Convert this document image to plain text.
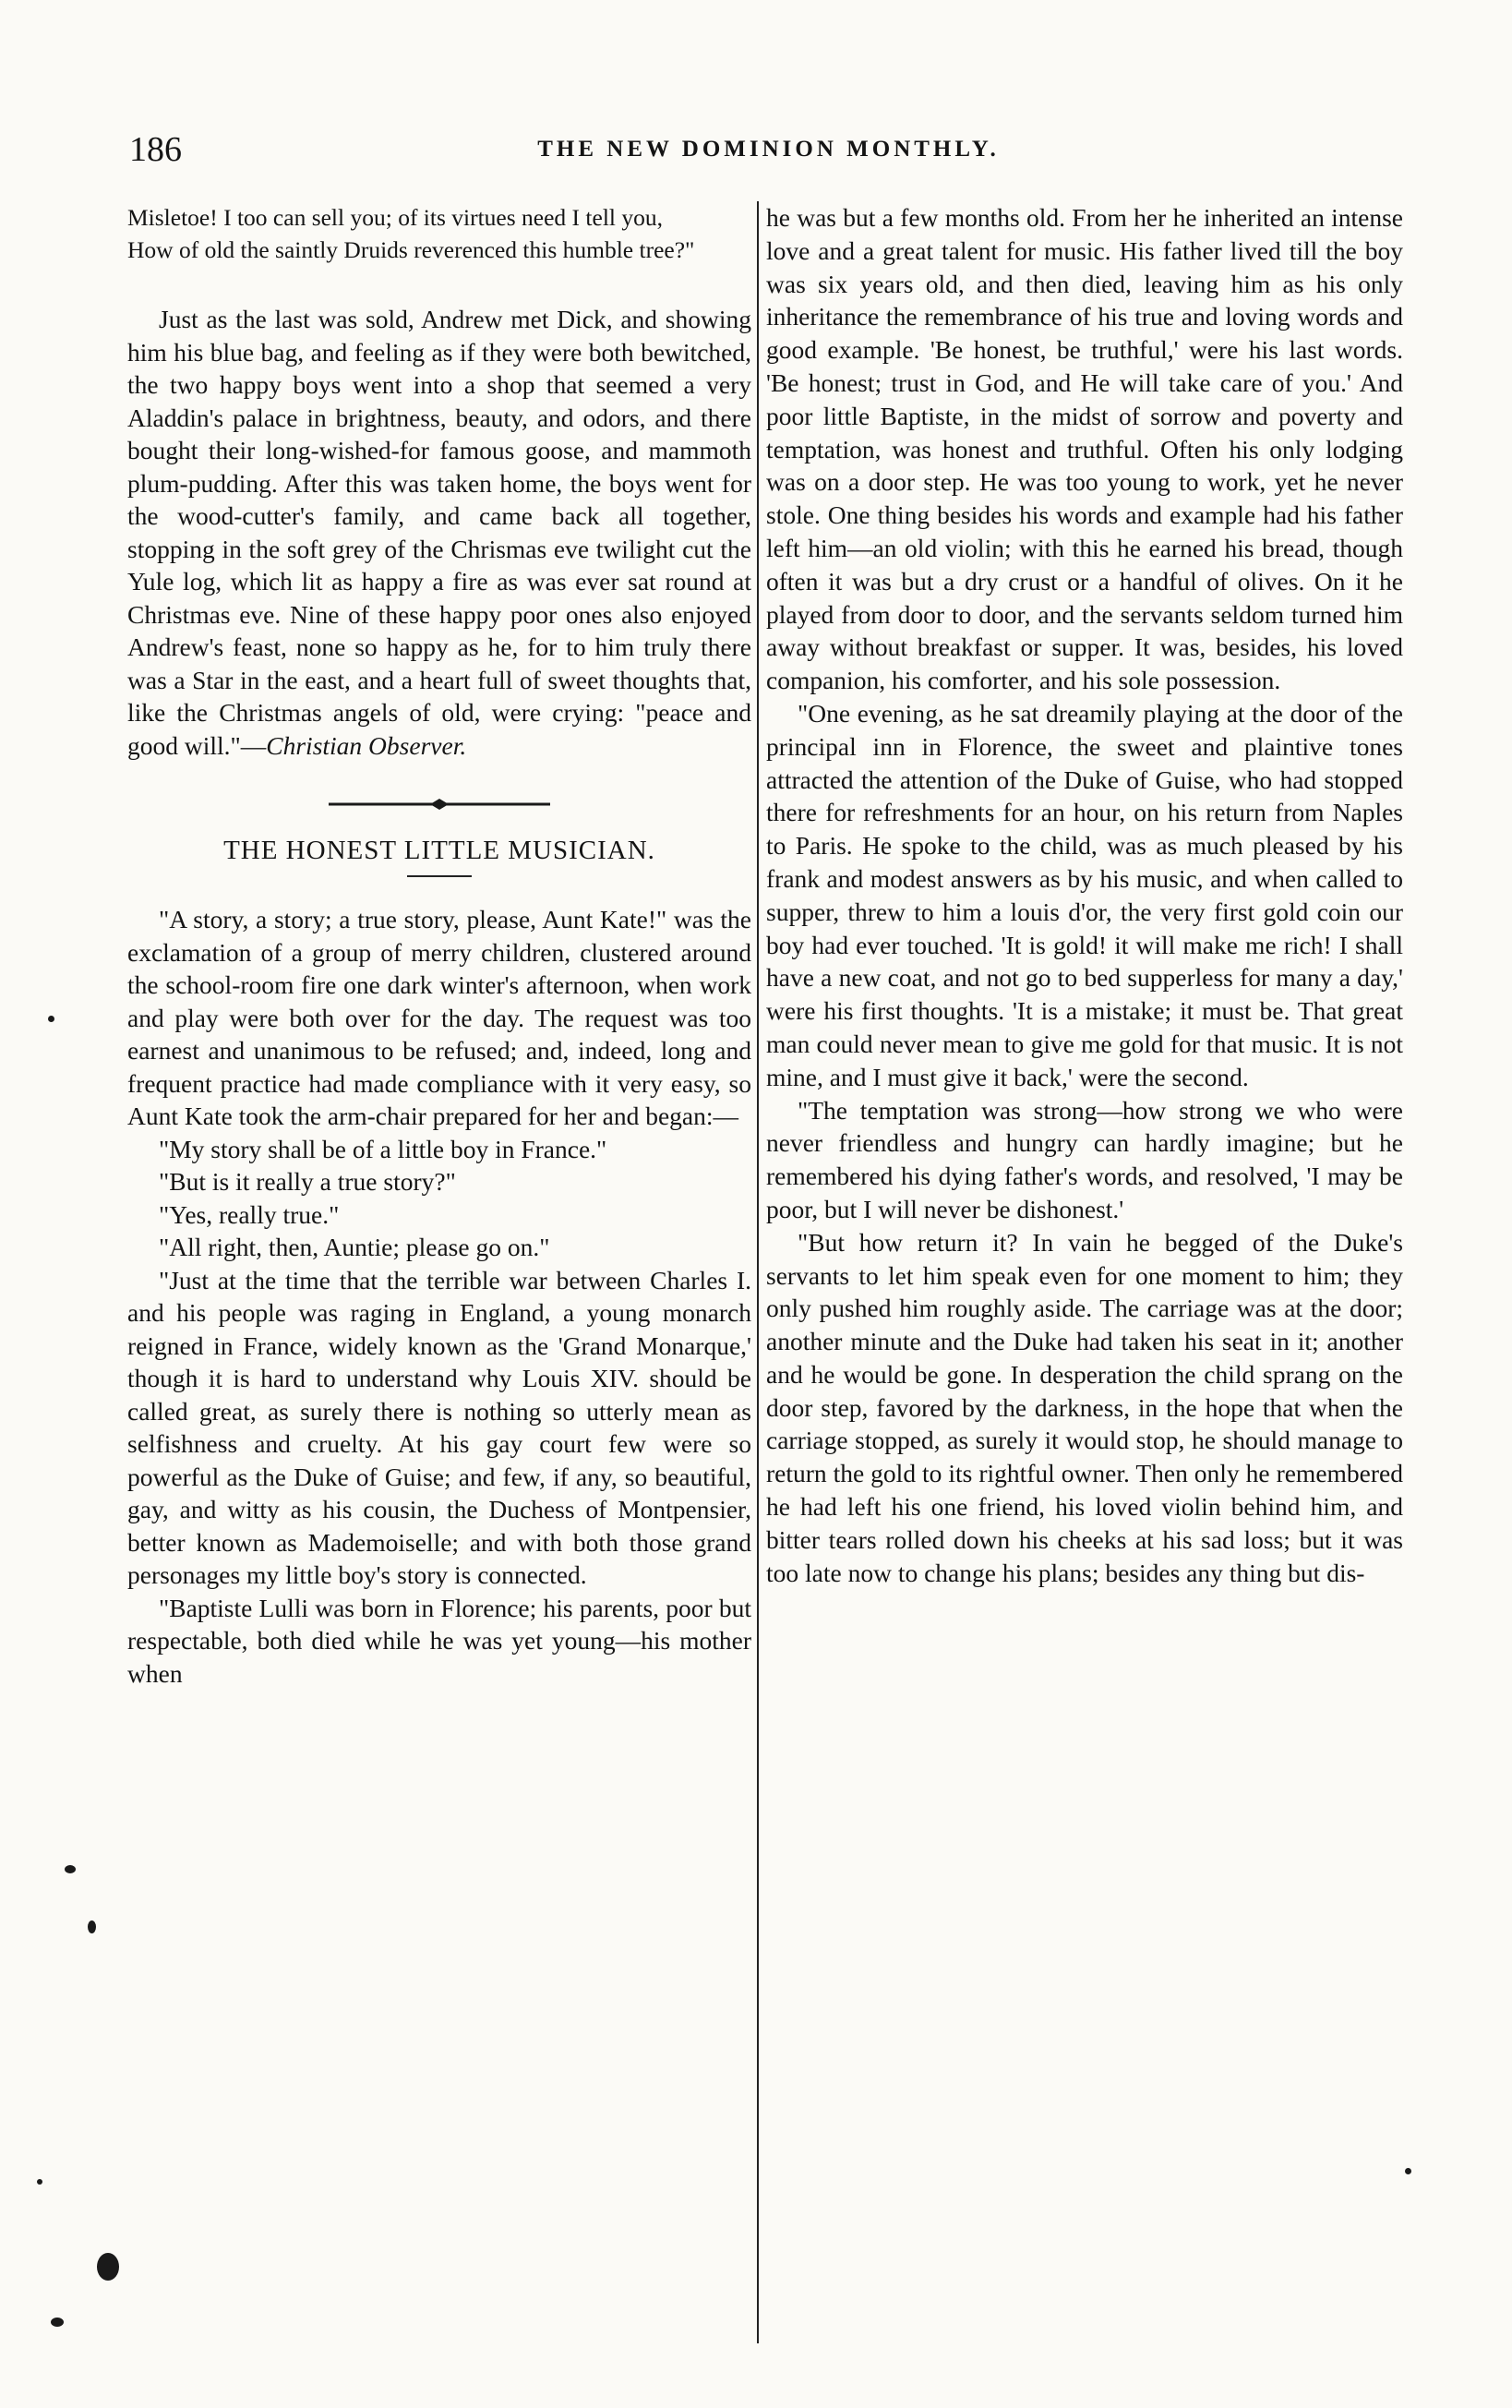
186	THE NEW DOMINION MONTHLY.
Misletoe! I too can sell you; of its virtues need I tell you,
How of old the saintly Druids reverenced this humble tree?"

Just as the last was sold, Andrew met Dick, and showing him his blue bag, and feeling as if they were both bewitched, the two happy boys went into a shop that seemed a very Aladdin's palace in brightness, beauty, and odors, and there bought their long-wished-for famous goose, and mammoth plum-pudding. After this was taken home, the boys went for the wood-cutter's family, and came back all together, stopping in the soft grey of the Chrismas eve twilight cut the Yule log, which lit as happy a fire as was ever sat round at Christmas eve. Nine of these happy poor ones also enjoyed Andrew's feast, none so happy as he, for to him truly there was a Star in the east, and a heart full of sweet thoughts that, like the Christmas angels of old, were crying: "peace and good will."—Christian Observer.

THE HONEST LITTLE MUSICIAN.

"A story, a story; a true story, please, Aunt Kate!" was the exclamation of a group of merry children, clustered around the school-room fire one dark winter's afternoon, when work and play were both over for the day. The request was too earnest and unanimous to be refused; and, indeed, long and frequent practice had made compliance with it very easy, so Aunt Kate took the arm-chair prepared for her and began:—

"My story shall be of a little boy in France."

"But is it really a true story?"

"Yes, really true."

"All right, then, Auntie; please go on."

"Just at the time that the terrible war between Charles I. and his people was raging in England, a young monarch reigned in France, widely known as the 'Grand Monarque,' though it is hard to understand why Louis XIV. should be called great, as surely there is nothing so utterly mean as selfishness and cruelty. At his gay court few were so powerful as the Duke of Guise; and few, if any, so beautiful, gay, and witty as his cousin, the Duchess of Montpensier, better known as Mademoiselle; and with both those grand personages my little boy's story is connected.

"Baptiste Lulli was born in Florence; his parents, poor but respectable, both died while he was yet young—his mother when

he was but a few months old. From her he inherited an intense love and a great talent for music. His father lived till the boy was six years old, and then died, leaving him as his only inheritance the remembrance of his true and loving words and good example. 'Be honest, be truthful,' were his last words. 'Be honest; trust in God, and He will take care of you.' And poor little Baptiste, in the midst of sorrow and poverty and temptation, was honest and truthful. Often his only lodging was on a door step. He was too young to work, yet he never stole. One thing besides his words and example had his father left him—an old violin; with this he earned his bread, though often it was but a dry crust or a handful of olives. On it he played from door to door, and the servants seldom turned him away without breakfast or supper. It was, besides, his loved companion, his comforter, and his sole possession.

"One evening, as he sat dreamily playing at the door of the principal inn in Florence, the sweet and plaintive tones attracted the attention of the Duke of Guise, who had stopped there for refreshments for an hour, on his return from Naples to Paris. He spoke to the child, was as much pleased by his frank and modest answers as by his music, and when called to supper, threw to him a louis d'or, the very first gold coin our boy had ever touched. 'It is gold! it will make me rich! I shall have a new coat, and not go to bed supperless for many a day,' were his first thoughts. 'It is a mistake; it must be. That great man could never mean to give me gold for that music. It is not mine, and I must give it back,' were the second.

"The temptation was strong—how strong we who were never friendless and hungry can hardly imagine; but he remembered his dying father's words, and resolved, 'I may be poor, but I will never be dishonest.'

"But how return it? In vain he begged of the Duke's servants to let him speak even for one moment to him; they only pushed him roughly aside. The carriage was at the door; another minute and the Duke had taken his seat in it; another and he would be gone. In desperation the child sprang on the door step, favored by the darkness, in the hope that when the carriage stopped, as surely it would stop, he should manage to return the gold to its rightful owner. Then only he remembered he had left his one friend, his loved violin behind him, and bitter tears rolled down his cheeks at his sad loss; but it was too late now to change his plans; besides any thing but dis-
